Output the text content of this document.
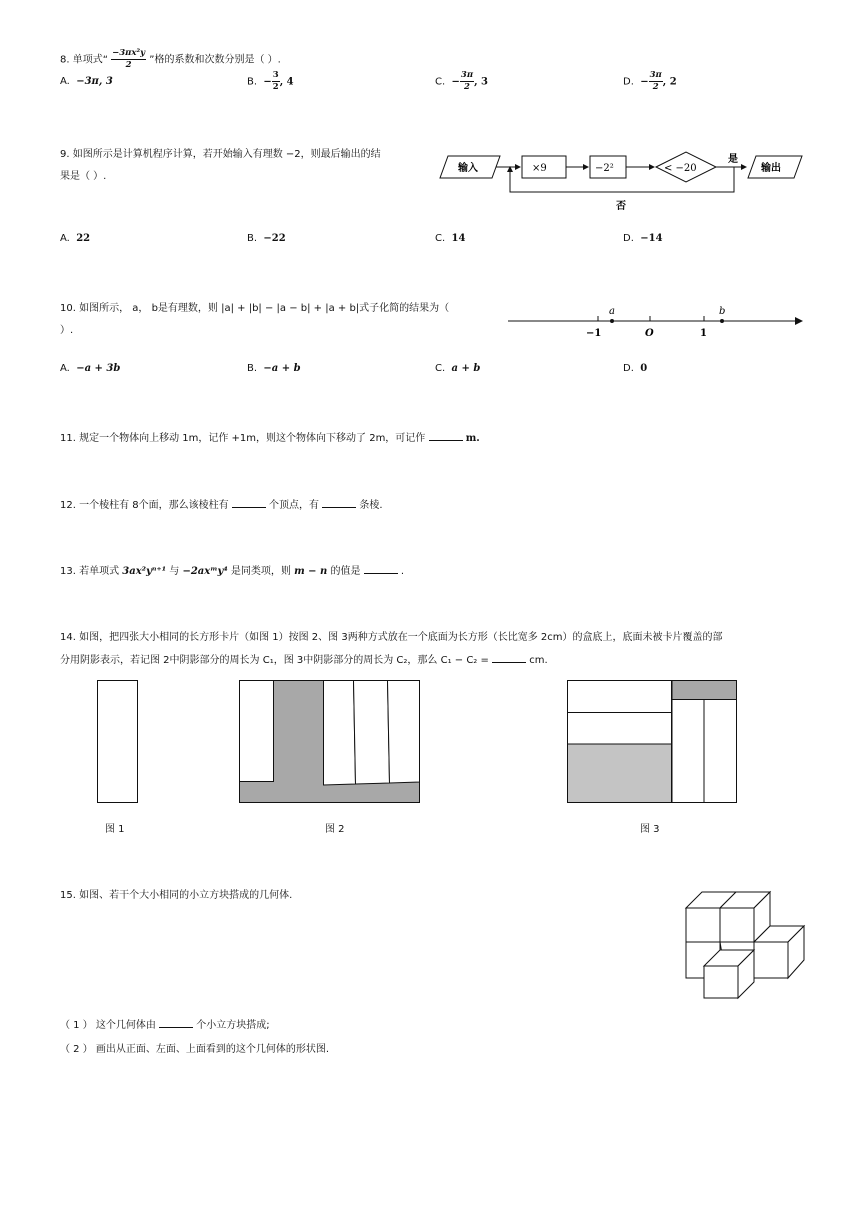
8. 单项式“ $\frac{\text{−3πx²y}}{2}$ ”格的系数和次数分别是（ ）.
A. −3π, 3	B. − $\frac{3}{2}$ , 4	C. − $\frac{3\pi}{2}$ , 3	D. − $\frac{3\pi}{2}$ , 2
9. 如图所示是计算机程序计算，若开始输入有理数 −2，则最后输出的结
果是（ ）.
输入	×9	−2²	< −20
是
输出
否
A. 22	B. −22	C. 14	D. −14
10. 如图所示， a， b是有理数，则 |a| + |b| − |a − b| + |a + b|式子化简的结果为（
）.
a	b
−1	O	1
A. −a + 3b	B. −a + b	C. a + b	D. 0
11. 规定一个物体向上移动 1m，记作 +1m，则这个物体向下移动了 2m，可记作	m.
12. 一个棱柱有 8个面，那么该棱柱有	个顶点，有	条棱.
13. 若单项式 3ax²yⁿ⁺¹ 与 −2axᵐy⁴ 是同类项，则 m − n 的值是	.
14. 如图，把四张大小相同的长方形卡片（如图 1）按图 2、图 3两种方式放在一个底面为长方形（长比宽多 2cm）的盒底上，底面未被卡片覆盖的部
分用阴影表示，若记图 2中阴影部分的周长为 C₁，图 3中阴影部分的周长为 C₂，那么 C₁ − C₂ =	cm.
图 1	图 2	图 3
15. 如图、若干个大小相同的小立方块搭成的几何体.
（ 1 ） 这个几何体由	个小立方块搭成;
（ 2 ） 画出从正面、左面、上面看到的这个几何体的形状图.
